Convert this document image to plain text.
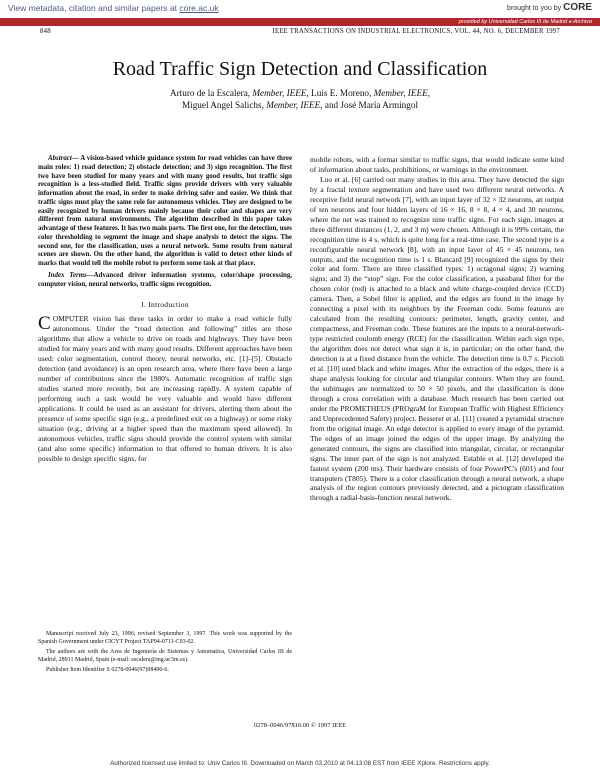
View metadata, citation and similar papers at core.ac.uk	brought to you by CORE
provided by Universidad Carlos III de Madrid e-Archivo
848	IEEE TRANSACTIONS ON INDUSTRIAL ELECTRONICS, VOL. 44, NO. 6, DECEMBER 1997
Road Traffic Sign Detection and Classification
Arturo de la Escalera, Member, IEEE, Luis E. Moreno, Member, IEEE,
Miguel Angel Salichs, Member, IEEE, and José María Armingol

Abstract— A vision-based vehicle guidance system for road vehicles can have three main roles: 1) road detection; 2) obstacle detection; and 3) sign recognition. The first two have been studied for many years and with many good results, but traffic sign recognition is a less-studied field. Traffic signs provide drivers with very valuable information about the road, in order to make driving safer and easier. We think that traffic signs must play the same role for autonomous vehicles. They are designed to be easily recognized by human drivers mainly because their color and shapes are very different from natural environments. The algorithm described in this paper takes advantage of these features. It has two main parts. The first one, for the detection, uses color thresholding to segment the image and shape analysis to detect the signs. The second one, for the classification, uses a neural network. Some results from natural scenes are shown. On the other hand, the algorithm is valid to detect other kinds of marks that would tell the mobile robot to perform some task at that place.

Index Terms—Advanced driver information systems, color/shape processing, computer vision, neural networks, traffic signs recognition.

I. Introduction

COMPUTER vision has three tasks in order to make a road vehicle fully autonomous. Under the “road detection and following” titles are those algorithms that allow a vehicle to drive on roads and highways. They have been studied for many years and with many good results. Different approaches have been used: color segmentation, control theory, neural networks, etc. [1]–[5]. Obstacle detection (and avoidance) is an open research area, where there have been a large number of contributions since the 1980's. Automatic recognition of traffic sign studies started more recently, but are increasing rapidly. A system capable of performing such a task would be very valuable and would have different applications. It could be used as an assistant for drivers, alerting them about the presence of some specific sign (e.g., a predefined exit on a highway) or some risky situation (e.g., driving at a higher speed than the maximum speed allowed). In autonomous vehicles, traffic signs should provide the control system with similar (and also some specific) information to that offered to human drivers. It is also possible to design specific signs, for

Manuscript received July 23, 1996; revised September 3, 1997. This work was supported by the Spanish Government under CICYT Project TAP94-0711-C03-02.

The authors are with the Area de Ingeniería de Sistemas y Automatica, Universidad Carlos III de Madrid, 28911 Madrid, Spain (e-mail: escalera@ing.uc3m.es).

Publisher Item Identifier S 0278-0046(97)08490-6.

mobile robots, with a format similar to traffic signs, that would indicate some kind of information about tasks, prohibitions, or warnings in the environment.

Luo et al. [6] carried out many studies in this area. They have detected the sign by a fractal texture segmentation and have used two different neural networks. A receptive field neural network [7], with an input layer of 32 × 32 neurons, an output of ten neurons and four hidden layers of 16 × 16, 8 × 8, 4 × 4, and 30 neurons, where the net was trained to recognize nine traffic signs. For each sign, images at three different distances (1, 2, and 3 m) were chosen. Although it is 99% certain, the recognition time is 4 s, which is quite long for a real-time case. The second type is a reconfigurable neural network [8], with an input layer of 45 × 45 neurons, ten outputs, and the recognition time is 1 s. Blancard [9] recognized the signs by their color and form. There are three classified types: 1) octagonal signs; 2) warning signs; and 3) the “stop” sign. For the color classification, a passband filter for the chosen color (red) is attached to a black and white charge-coupled device (CCD) camera. Then, a Sobel filter is applied, and the edges are found in the image by connecting a pixel with its neighbors by the Freeman code. Some features are calculated from the resulting contours: perimeter, length, gravity center, and compactness, and Freeman code. These features are the inputs to a neural-network-type restricted coulomb energy (RCE) for the classification. Within each sign type, the algorithm does not detect what sign it is, in particular; on the other hand, the detection is at a fixed distance from the vehicle. The detection time is 0.7 s. Piccioli et al. [10] used black and white images. After the extraction of the edges, there is a shape analysis looking for circular and triangular contours. When they are found, the subimages are normalized to 50 × 50 pixels, and the classification is done through a cross correlation with a database. Much research has been carried out under the PROMETHEUS (PROgraM for European Traffic with Highest Efficiency and Unprecedented Safety) project. Besserer et al. [11] created a pyramidal structure from the original image. An edge detector is applied to every image of the pyramid. The edges of an image joined the edges of the upper image. By analyzing the generated contours, the signs are classified into triangular, circular, or rectangular signs. The inner part of the sign is not analyzed. Estable et al. [12] developed the fastest system (200 ms). Their hardware consists of four PowerPC's (601) and four transputers (T805). There is a color classification through a neural network, a shape analysis of the region contours previously detected, and a pictogram classification through a radial-basis-function neural network.

0278–0046/97$10.00 © 1997 IEEE
Authorized licensed use limited to: Univ Carlos III. Downloaded on March 03,2010 at 04:13:08 EST from IEEE Xplore. Restrictions apply.
